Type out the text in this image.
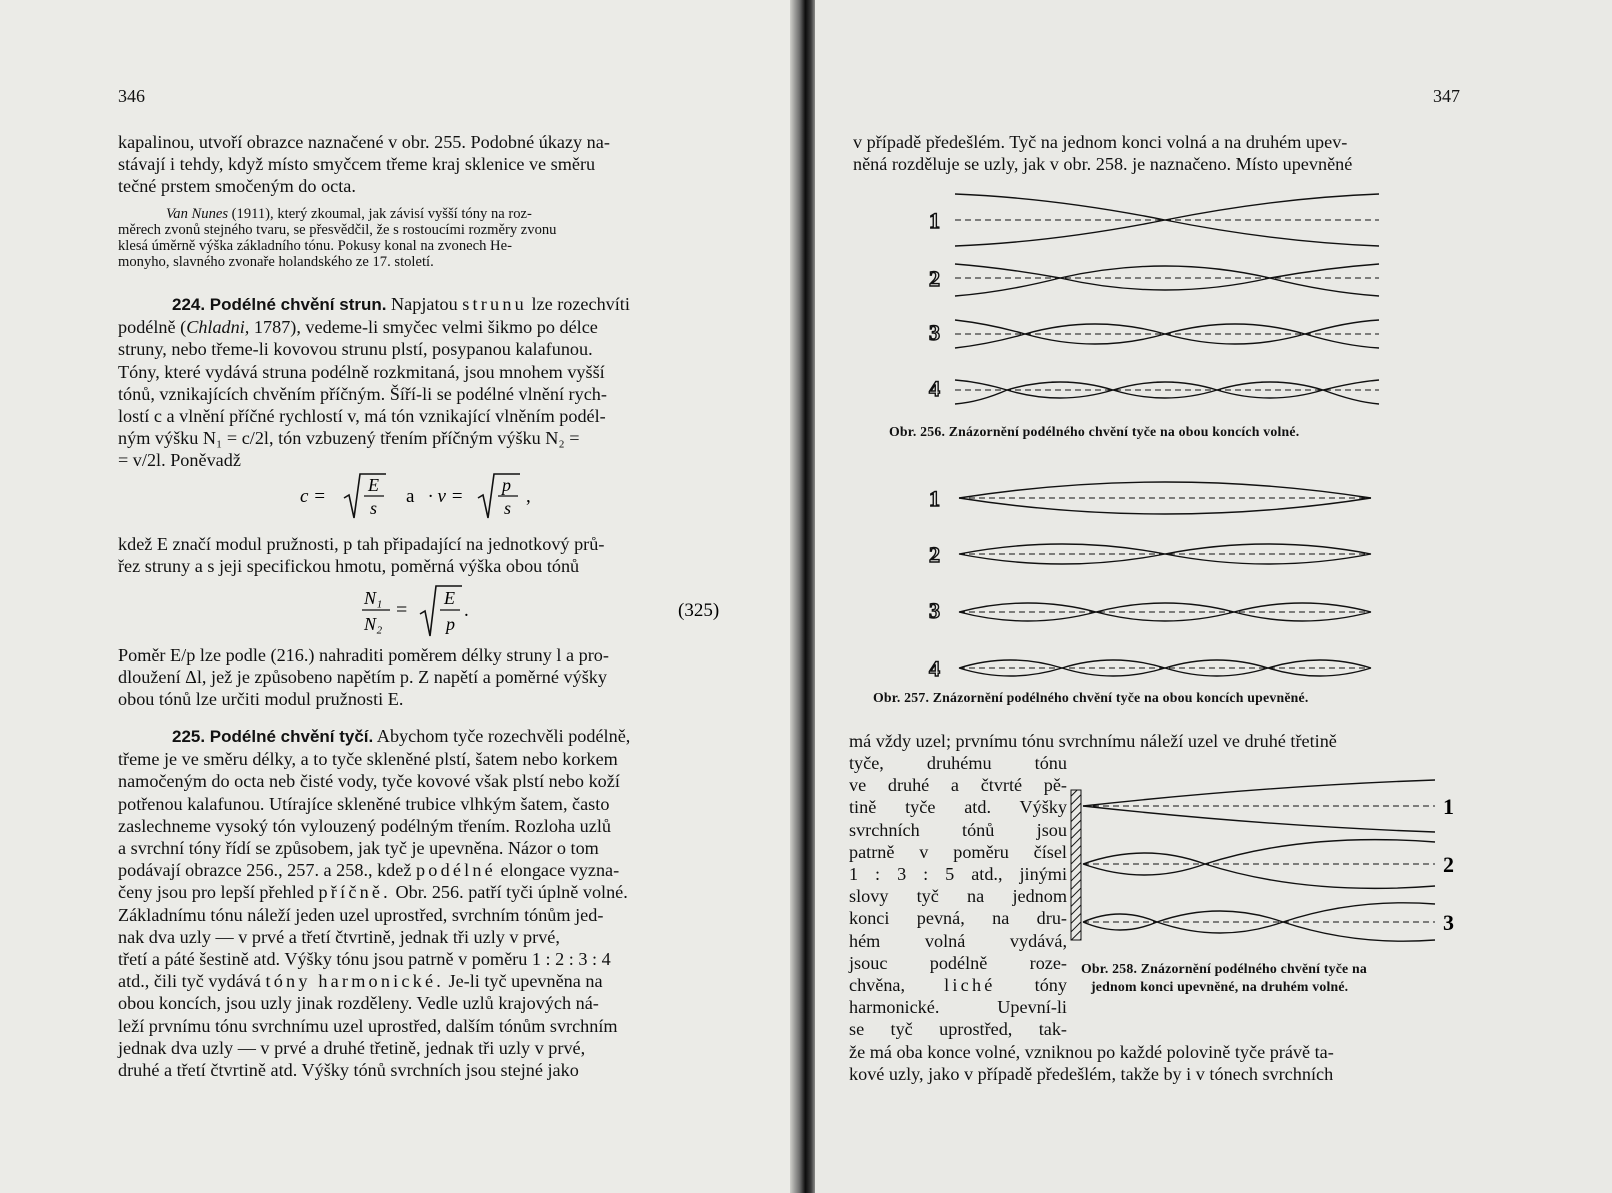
346

kapalinou, utvoří obrazce naznačené v obr. 255. Podobné úkazy na-

stávají i tehdy, když místo smyčcem třeme kraj sklenice ve směru

tečné prstem smočeným do octa.

Van Nunes (1911), který zkoumal, jak závisí vyšší tóny na roz-

měrech zvonů stejného tvaru, se přesvědčil, že s rostoucími rozměry zvonu

klesá úměrně výška základního tónu. Pokusy konal na zvonech He-

monyho, slavného zvonaře holandského ze 17. století.

224. Podélné chvění strun. Napjatou strunu lze rozechvíti

podélně (Chladni, 1787), vedeme-li smyčec velmi šikmo po délce

struny, nebo třeme-li kovovou strunu plstí, posypanou kalafunou.

Tóny, které vydává struna podélně rozkmitaná, jsou mnohem vyšší

tónů, vznikajících chvěním příčným. Šíří-li se podélné vlnění rych-

lostí c a vlnění příčné rychlostí v, má tón vznikající vlněním podél-

ným výšku N₁ = c/2l, tón vzbuzený třením příčným výšku N₂ =

= v/2l. Poněvadž

c =
E
s
a · v =
p
s
,

kdež E značí modul pružnosti, p tah připadající na jednotkový prů-

řez struny a s jeji specifickou hmotu, poměrná výška obou tónů

N₁
N₂
=
E
p
.	(325)

Poměr E/p lze podle (216.) nahraditi poměrem délky struny l a pro-

dloužení Δl, jež je způsobeno napětím p. Z napětí a poměrné výšky

obou tónů lze určiti modul pružnosti E.

225. Podélné chvění tyčí. Abychom tyče rozechvěli podélně,

třeme je ve směru délky, a to tyče skleněné plstí, šatem nebo korkem

namočeným do octa neb čisté vody, tyče kovové však plstí nebo koží

potřenou kalafunou. Utírajíce skleněné trubice vlhkým šatem, často

zaslechneme vysoký tón vylouzený podélným třením. Rozloha uzlů

a svrchní tóny řídí se způsobem, jak tyč je upevněna. Názor o tom

podávají obrazce 256., 257. a 258., kdež podélné elongace vyzna-

čeny jsou pro lepší přehled příčně. Obr. 256. patří tyči úplně volné.

Základnímu tónu náleží jeden uzel uprostřed, svrchním tónům jed-

nak dva uzly — v prvé a třetí čtvrtině, jednak tři uzly v prvé,

třetí a páté šestině atd. Výšky tónu jsou patrně v poměru 1 : 2 : 3 : 4

atd., čili tyč vydává tóny harmonické. Je-li tyč upevněna na

obou koncích, jsou uzly jinak rozděleny. Vedle uzlů krajových ná-

leží prvnímu tónu svrchnímu uzel uprostřed, dalším tónům svrchním

jednak dva uzly — v prvé a druhé třetině, jednak tři uzly v prvé,

druhé a třetí čtvrtině atd. Výšky tónů svrchních jsou stejné jako

347

v případě předešlém. Tyč na jednom konci volná a na druhém upev-

něná rozděluje se uzly, jak v obr. 258. je naznačeno. Místo upevněné

1
2
3
4
Obr. 256. Znázornění podélného chvění tyče na obou koncích volné.
1
2
3
4
Obr. 257. Znázornění podélného chvění tyče na obou koncích upevněné.

má vždy uzel; prvnímu tónu svrchnímu náleží uzel ve druhé třetině

tyče, druhému tónu

ve druhé a čtvrté pě-

tině tyče atd. Výšky

svrchních tónů jsou

patrně v poměru čísel

1 : 3 : 5 atd., jinými

slovy tyč na jednom

konci pevná, na dru-

hém volná vydává,

jsouc podélně roze-

chvěna, liché tóny

harmonické. Upevní-li

se tyč uprostřed, tak-

1
2
3
Obr. 258. Znázornění podélného chvění tyče na
jednom konci upevněné, na druhém volné.

že má oba konce volné, vzniknou po každé polovině tyče právě ta-

kové uzly, jako v případě předešlém, takže by i v tónech svrchních
